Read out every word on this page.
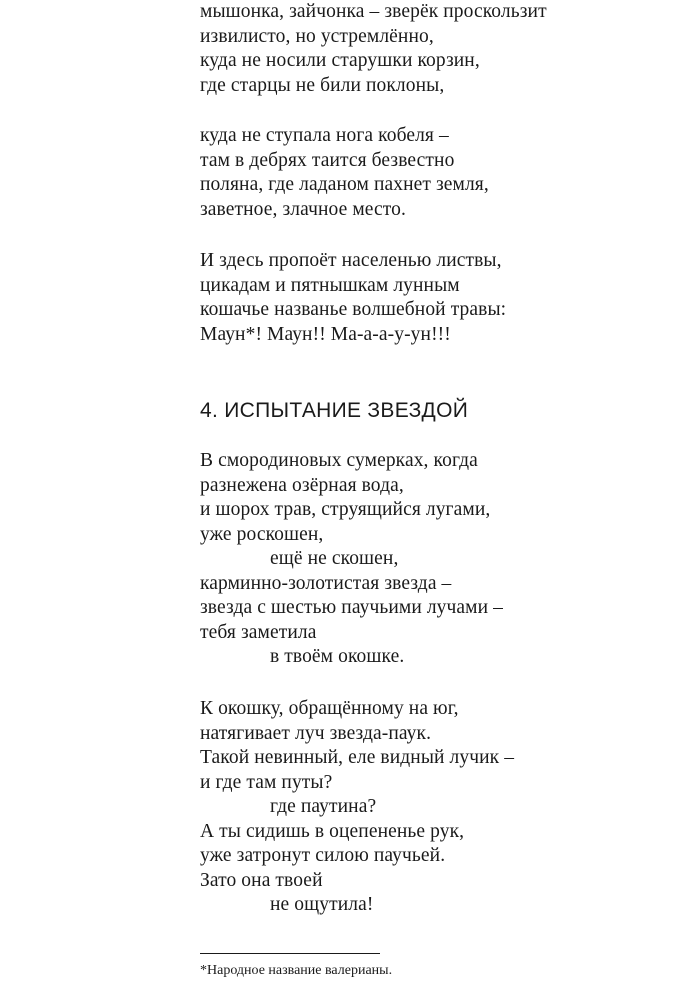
мышонка, зайчонка – зверёк проскользит
извилисто, но устремлённо,
куда не носили старушки корзин,
где старцы не били поклоны,
куда не ступала нога кобеля –
там в дебрях таится безвестно
поляна, где ладаном пахнет земля,
заветное, злачное место.
И здесь пропоёт населенью листвы,
цикадам и пятнышкам лунным
кошачье названье волшебной травы:
Маун*! Маун!! Ма-а-а-у-ун!!!
4. ИСПЫТАНИЕ ЗВЕЗДОЙ
В смородиновых сумерках, когда
разнежена озёрная вода,
и шорох трав, струящийся лугами,
уже роскошен,
ещё не скошен,
карминно-золотистая звезда –
звезда с шестью паучьими лучами –
тебя заметила
в твоём окошке.
К окошку, обращённому на юг,
натягивает луч звезда-паук.
Такой невинный, еле видный лучик –
и где там путы?
где паутина?
А ты сидишь в оцепененье рук,
уже затронут силою паучьей.
Зато она твоей
не ощутила!

*Народное название валерианы.
